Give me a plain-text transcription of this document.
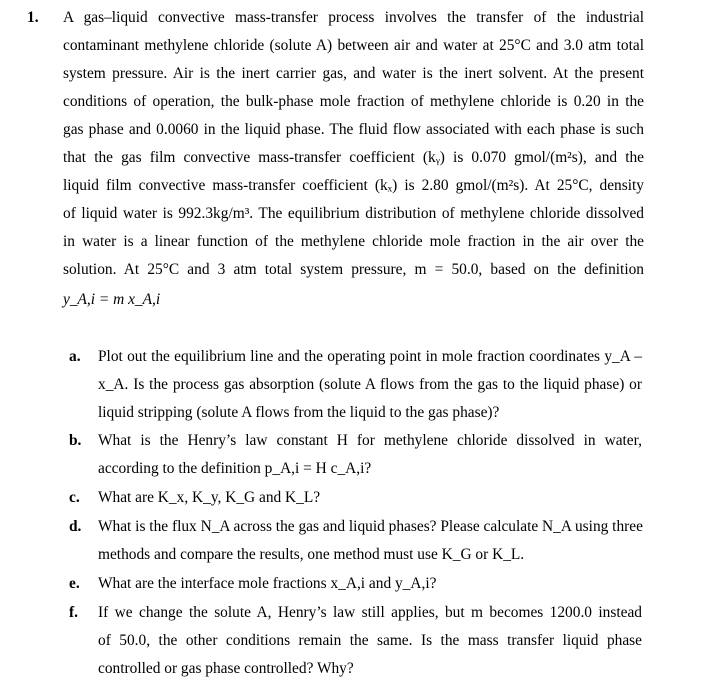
1. A gas–liquid convective mass-transfer process involves the transfer of the industrial
contaminant methylene chloride (solute A) between air and water at 25°C and 3.0 atm total
system pressure. Air is the inert carrier gas, and water is the inert solvent. At the present
conditions of operation, the bulk-phase mole fraction of methylene chloride is 0.20 in the
gas phase and 0.0060 in the liquid phase. The fluid flow associated with each phase is such
that the gas film convective mass-transfer coefficient (kᵧ) is 0.070 gmol/(m²s), and the
liquid film convective mass-transfer coefficient (kₓ) is 2.80 gmol/(m²s). At 25°C, density
of liquid water is 992.3kg/m³. The equilibrium distribution of methylene chloride dissolved
in water is a linear function of the methylene chloride mole fraction in the air over the
solution. At 25°C and 3 atm total system pressure, m = 50.0, based on the definition
y_A,i = m x_A,i
a. Plot out the equilibrium line and the operating point in mole fraction coordinates y_A –
x_A. Is the process gas absorption (solute A flows from the gas to the liquid phase) or
liquid stripping (solute A flows from the liquid to the gas phase)?
b. What is the Henry’s law constant H for methylene chloride dissolved in water,
according to the definition p_A,i = H c_A,i?
c. What are K_x, K_y, K_G and K_L?
d. What is the flux N_A across the gas and liquid phases? Please calculate N_A using three
methods and compare the results, one method must use K_G or K_L.
e. What are the interface mole fractions x_A,i and y_A,i?
f. If we change the solute A, Henry’s law still applies, but m becomes 1200.0 instead
of 50.0, the other conditions remain the same. Is the mass transfer liquid phase
controlled or gas phase controlled? Why?
